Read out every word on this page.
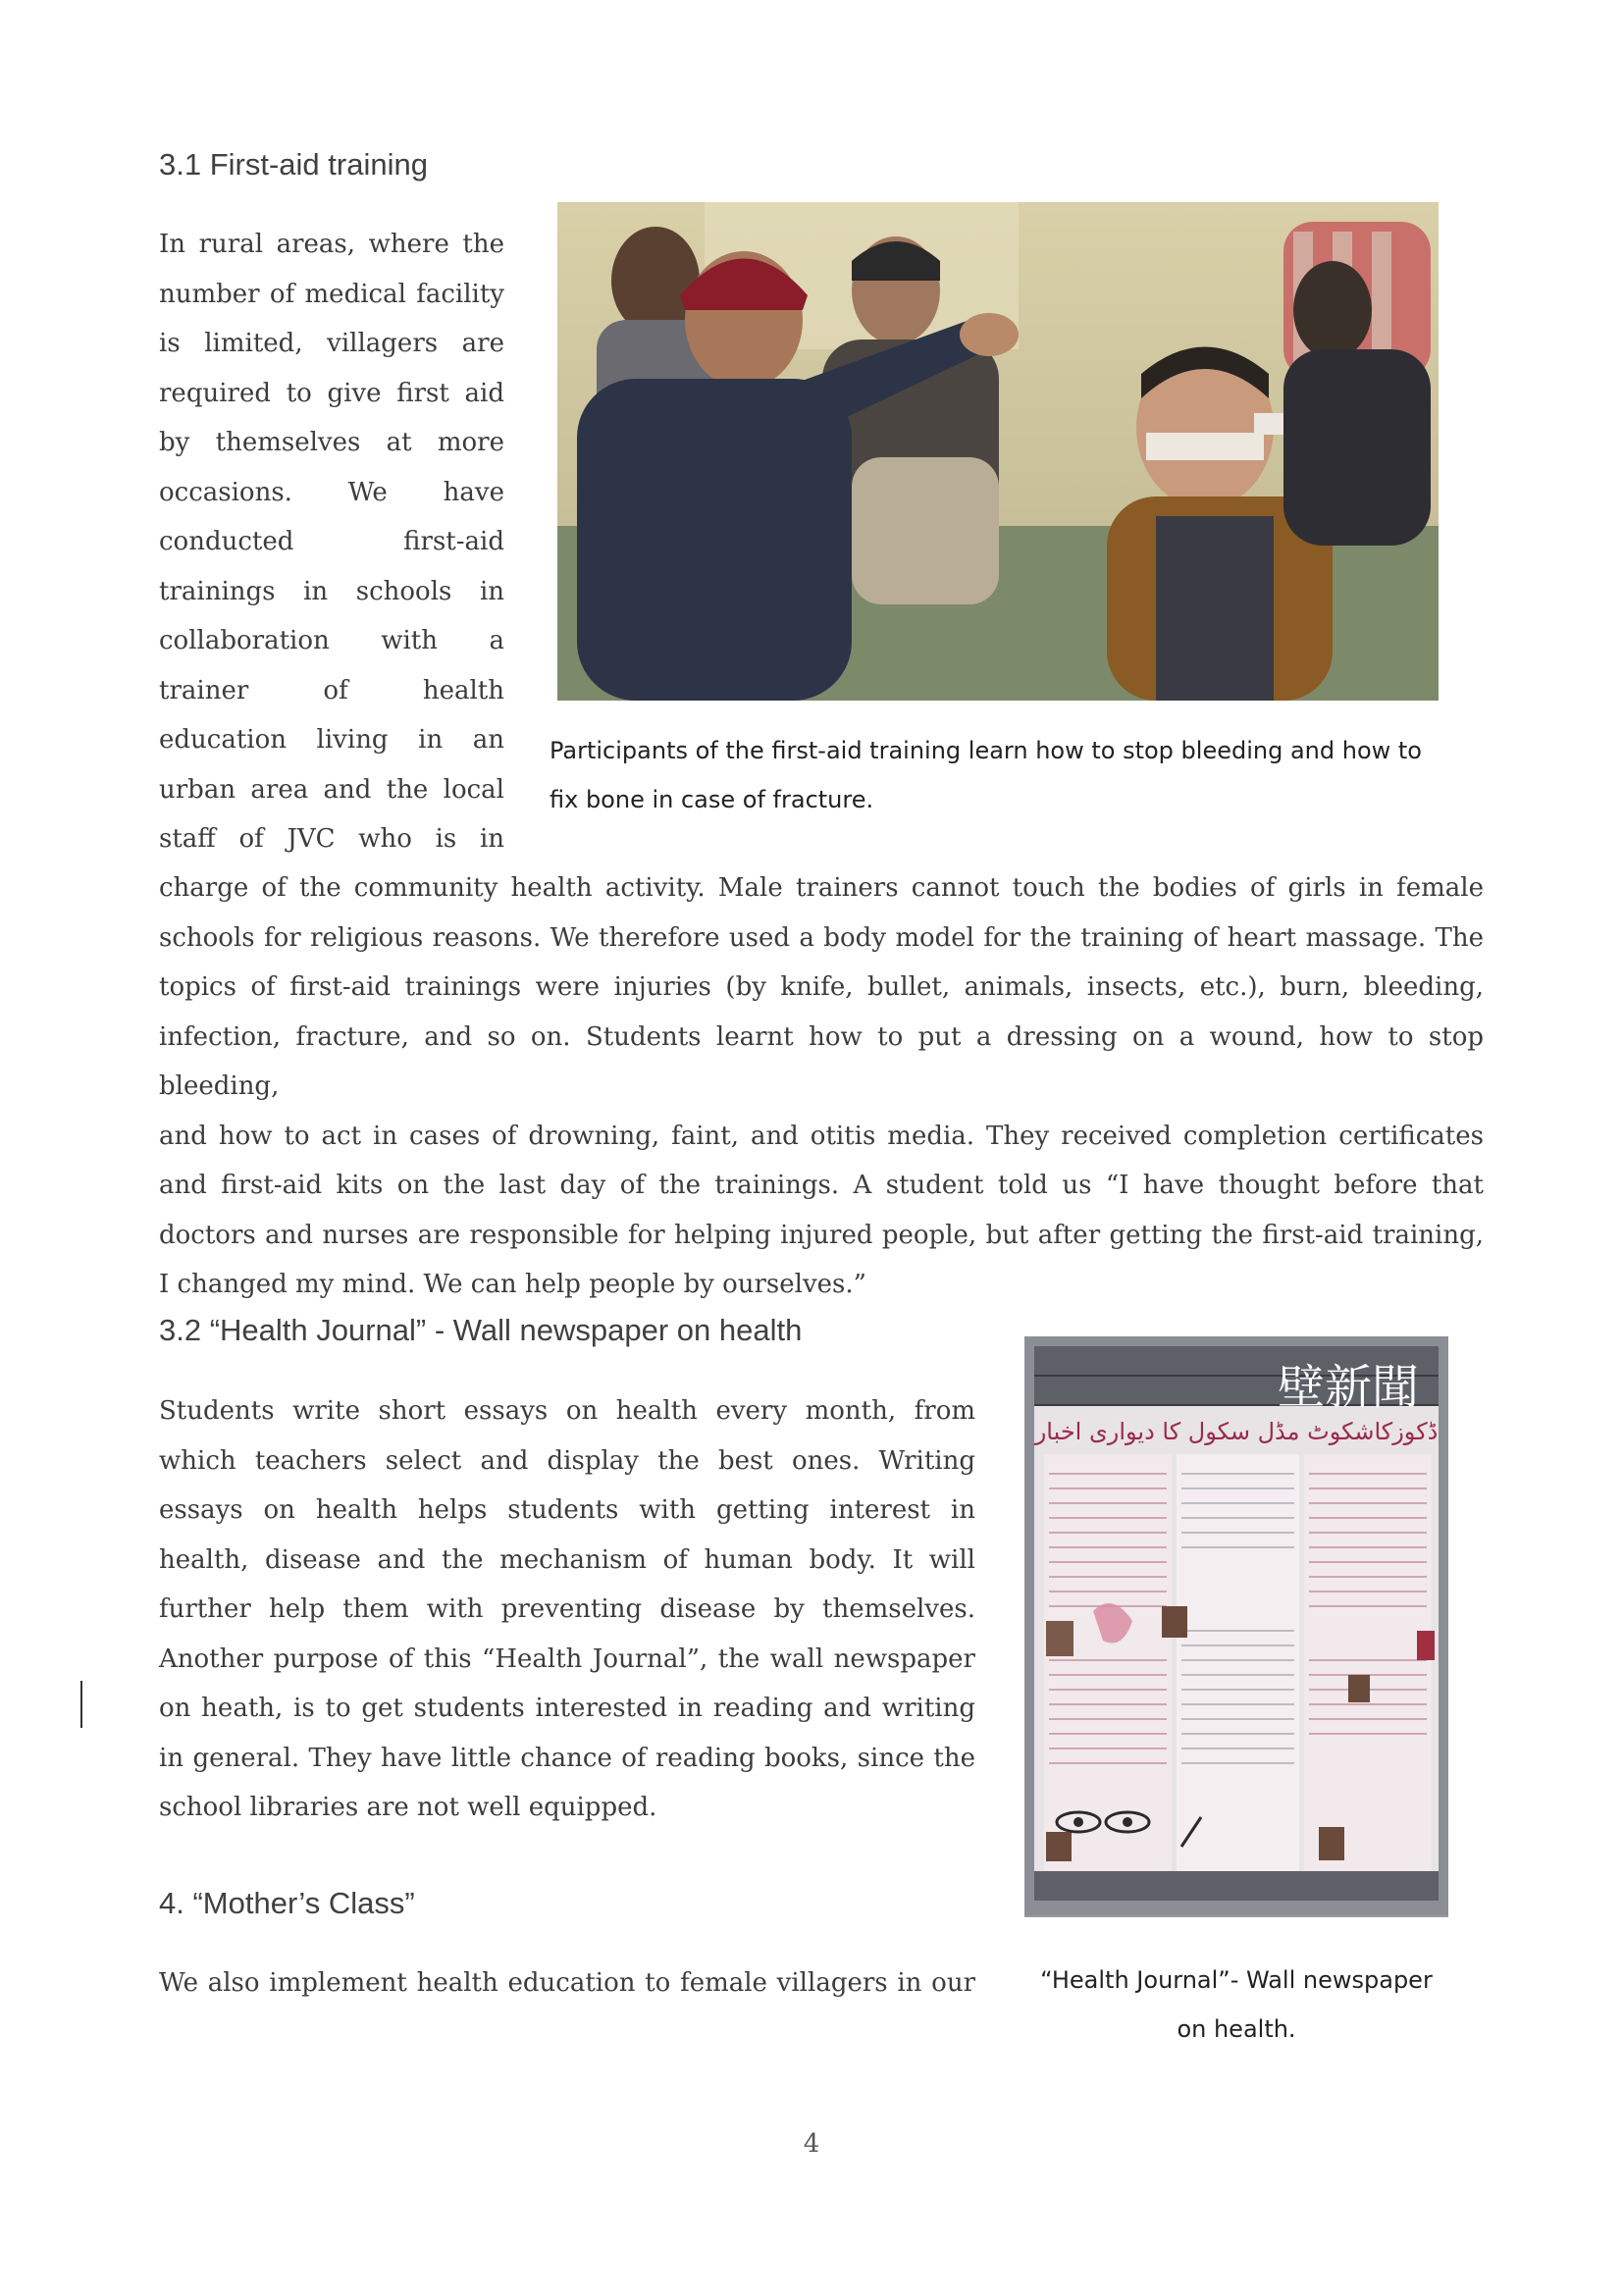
3.1 First-aid training
In rural areas, where the
number of medical facility
is limited, villagers are
required to give first aid
by themselves at more
occasions. We have
conducted first-aid
trainings in schools in
collaboration with a
trainer of health
education living in an
urban area and the local
staff of JVC who is in
Participants of the first-aid training learn how to stop bleeding and how to
fix bone in case of fracture.
charge of the community health activity. Male trainers cannot touch the bodies of girls in female
schools for religious reasons. We therefore used a body model for the training of heart massage. The
topics of first-aid trainings were injuries (by knife, bullet, animals, insects, etc.), burn, bleeding,
infection, fracture, and so on. Students learnt how to put a dressing on a wound, how to stop bleeding,
and how to act in cases of drowning, faint, and otitis media. They received completion certificates
and first-aid kits on the last day of the trainings. A student told us “I have thought before that
doctors and nurses are responsible for helping injured people, but after getting the first-aid training,
I changed my mind. We can help people by ourselves.”
3.2 “Health Journal” - Wall newspaper on health
Students write short essays on health every month, from
which teachers select and display the best ones. Writing
essays on health helps students with getting interest in
health, disease and the mechanism of human body. It will
further help them with preventing disease by themselves.
Another purpose of this “Health Journal”, the wall newspaper
on heath, is to get students interested in reading and writing
in general. They have little chance of reading books, since the
school libraries are not well equipped.
壁新聞
ڈکوزکاشکوٹ مڈل سکول کا دیواری اخبار
“Health Journal”- Wall newspaper
on health.
4. “Mother’s Class”
We also implement health education to female villagers in our
4
